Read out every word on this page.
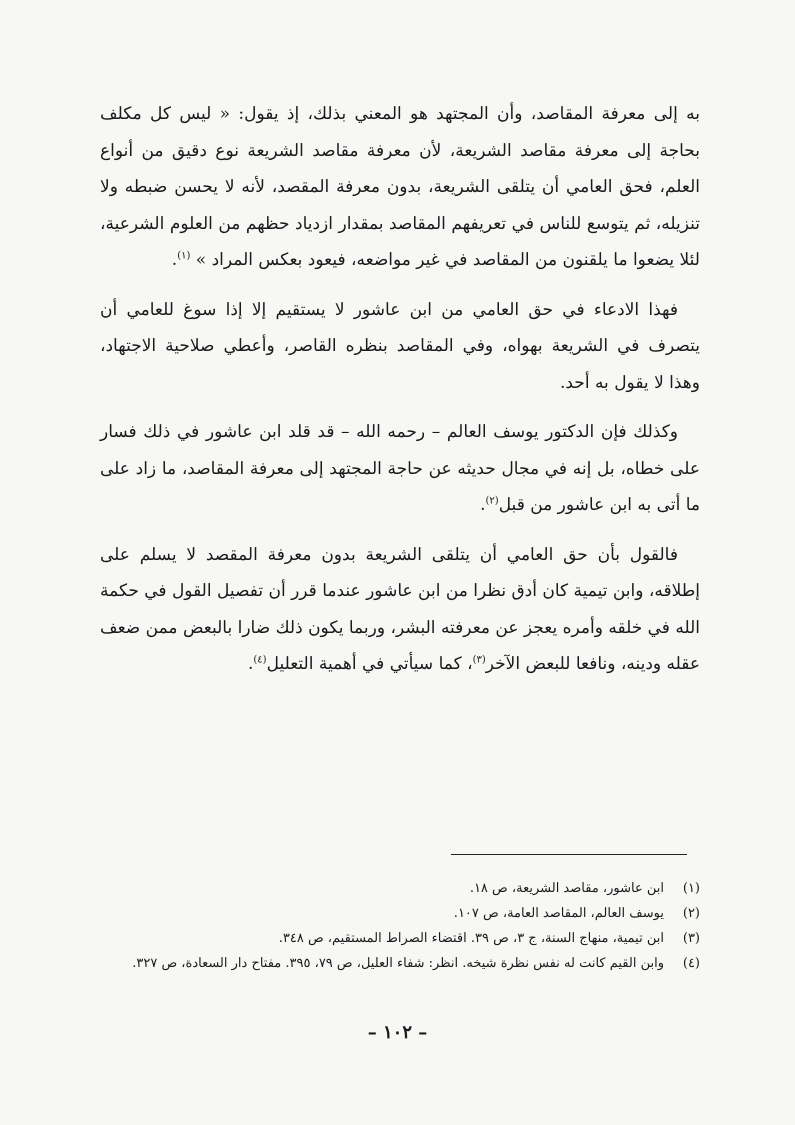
به إلى معرفة المقاصد، وأن المجتهد هو المعني بذلك، إذ يقول: « ليس كل مكلف بحاجة إلى معرفة مقاصد الشريعة، لأن معرفة مقاصد الشريعة نوع دقيق من أنواع العلم، فحق العامي أن يتلقى الشريعة، بدون معرفة المقصد، لأنه لا يحسن ضبطه ولا تنزيله، ثم يتوسع للناس في تعريفهم المقاصد بمقدار ازدياد حظهم من العلوم الشرعية، لئلا يضعوا ما يلقنون من المقاصد في غير مواضعه، فيعود بعكس المراد » $^{(١)}$.

فهذا الادعاء في حق العامي من ابن عاشور لا يستقيم إلا إذا سوغ للعامي أن يتصرف في الشريعة بهواه، وفي المقاصد بنظره القاصر، وأعطي صلاحية الاجتهاد، وهذا لا يقول به أحد.

وكذلك فإن الدكتور يوسف العالم – رحمه الله – قد قلد ابن عاشور في ذلك فسار على خطاه، بل إنه في مجال حديثه عن حاجة المجتهد إلى معرفة المقاصد، ما زاد على ما أتى به ابن عاشور من قبل$^{(٢)}$.

فالقول بأن حق العامي أن يتلقى الشريعة بدون معرفة المقصد لا يسلم على إطلاقه، وابن تيمية كان أدق نظرا من ابن عاشور عندما قرر أن تفصيل القول في حكمة الله في خلقه وأمره يعجز عن معرفته البشر، وربما يكون ذلك ضارا بالبعض ممن ضعف عقله ودينه، ونافعا للبعض الآخر$^{(٣)}$، كما سيأتي في أهمية التعليل$^{(٤)}$.

(١)
ابن عاشور، مقاصد الشريعة، ص ١٨.
(٢)
يوسف العالم، المقاصد العامة، ص ١٠٧.
(٣)
ابن تيمية، منهاج السنة، ج ٣، ص ٣٩. اقتضاء الصراط المستقيم، ص ٣٤٨.
(٤)
وابن القيم كانت له نفس نظرة شيخه. انظر: شفاء العليل، ص ٧٩، ٣٩٥. مفتاح دار السعادة، ص ٣٢٧.
– ١٠٢ –
